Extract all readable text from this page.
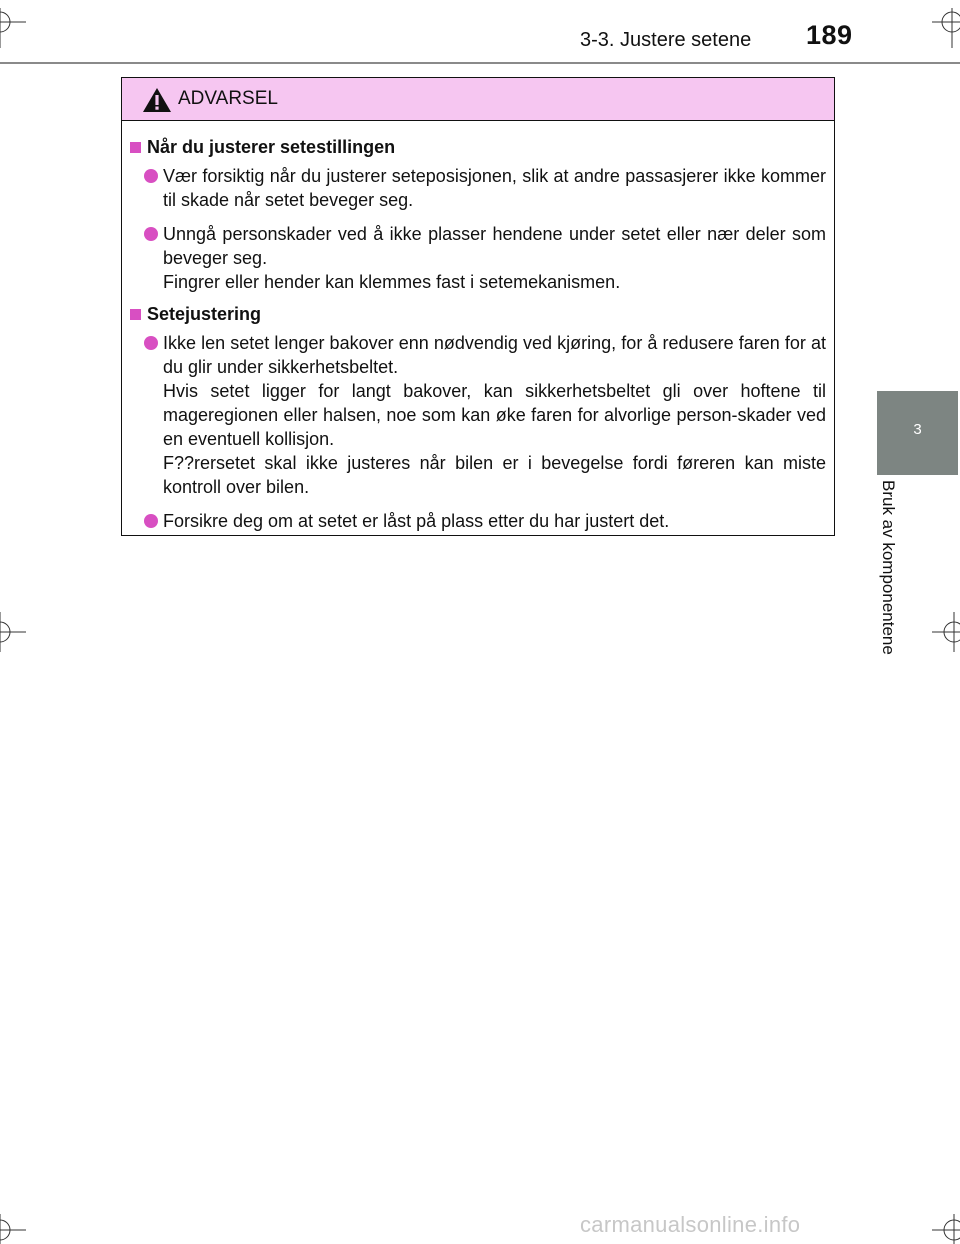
3-3. Justere setene 189
3
Bruk av komponentene
ADVARSEL
Når du justerer setestillingen

Vær forsiktig når du justerer seteposisjonen, slik at andre passasjerer ikke kommer til skade når setet beveger seg.

Unngå personskader ved å ikke plasser hendene under setet eller nær deler som beveger seg.

Fingrer eller hender kan klemmes fast i setemekanismen.

Setejustering

Ikke len setet lenger bakover enn nødvendig ved kjøring, for å redusere faren for at du glir under sikkerhetsbeltet.

Hvis setet ligger for langt bakover, kan sikkerhetsbeltet gli over hoftene til mageregionen eller halsen, noe som kan øke faren for alvorlige person-skader ved en eventuell kollisjon.

F??rersetet skal ikke justeres når bilen er i bevegelse fordi føreren kan miste kontroll over bilen.

Forsikre deg om at setet er låst på plass etter du har justert det.

carmanualsonline.info
